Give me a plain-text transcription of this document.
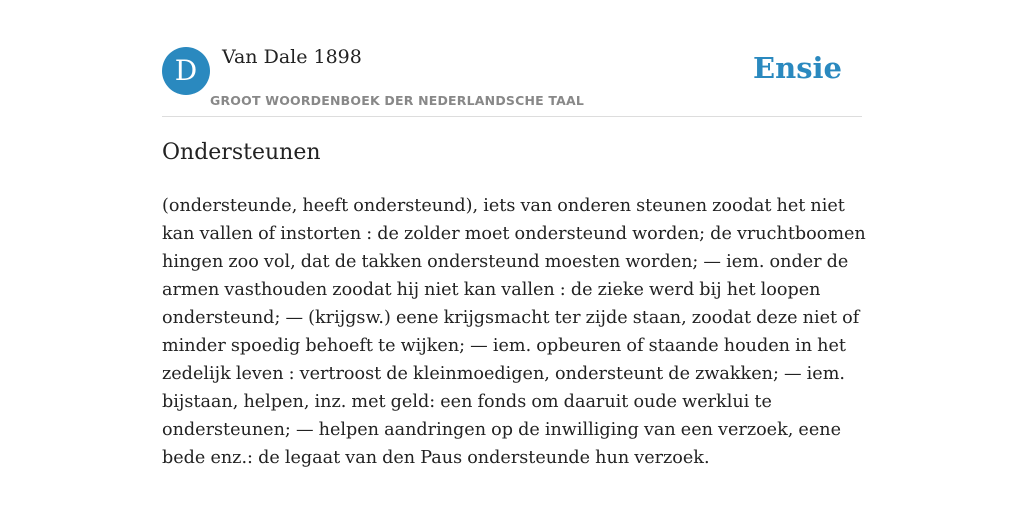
D	Van Dale 1898
GROOT WOORDENBOEK DER NEDERLANDSCHE TAAL
Ensie
Ondersteunen

(ondersteunde, heeft ondersteund), iets van onderen steunen zoodat het niet kan vallen of instorten : de zolder moet ondersteund worden; de vruchtboomen hingen zoo vol, dat de takken ondersteund moesten worden; — iem. onder de armen vasthouden zoodat hij niet kan vallen : de zieke werd bij het loopen ondersteund; — (krijgsw.) eene krijgsmacht ter zijde staan, zoodat deze niet of minder spoedig behoeft te wijken; — iem. opbeuren of staande houden in het zedelijk leven : vertroost de kleinmoedigen, ondersteunt de zwakken; — iem. bijstaan, helpen, inz. met geld: een fonds om daaruit oude werklui te ondersteunen; — helpen aandringen op de inwilliging van een verzoek, eene bede enz.: de legaat van den Paus ondersteunde hun verzoek.
